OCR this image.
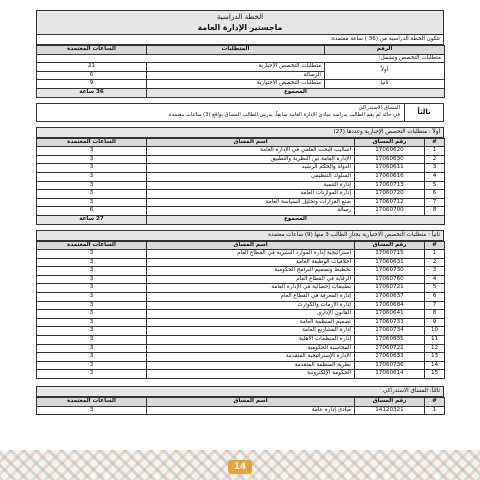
الخطة الدراسية
ماجستير الإدارة العامة
تتكون الخطة الدراسية من (36 ) ساعة معتمدة:
الرقم	المتطلبات	الساعات المعتمدة
متطلبات التخصص وتشمل:		
أولاً	متطلبات التخصص الإجبارية	21
	الرسالة	6
ثانياً	متطلبات التخصص الاختيارية	9
المجموع		36 ساعة
ثالثاً
المساق الاستدراكي
في حالة لم يقم الطالب بدراسة مبادئ الإدارة العامة سابقاً، يدرس الطالب المساق بواقع (3) ساعات معتمدة.
أولاً : متطلبات التخصص الإجبارية وعددها (27)
#	رقم المساق	اسم المساق	الساعات المعتمدة
1	17060620	أساليب البحث العلمي في الإدارة العامة	3
2	17060630	الإدارة العامة بين النظرية والتطبيق	3
3	17060611	الدولة والحكم الرشيد	3
4	17060616	السلوك التنظيمي	3
5	17060713	إدارة التنمية	3
6	17060720	إدارة الموازنات العامة	3
7	17060712	صنع القرارات وتحليل السياسة العامة	3
8	17060700	رسالة	6
المجموع			27 ساعة
ثانياً : متطلبات التخصص الاختيارية يجتاز الطالب 3 منها (9) ساعات معتمدة
#	رقم المساق	اسم المساق	الساعات المعتمدة
1	17060715	استراتيجية إدارة الموارد البشرية في القطاع العام	3
2	17060631	أخلاقيات الوظيفة العامة	3
3	17060730	تخطيط وتصميم البرامج الحكومية	3
4	17060760	الرقابة في القطاع العام	3
5	17060721	تطبيقات إحصائية في الإدارة العامة	3
6	17060637	إدارة المعرفة في القطاع العام	3
7	17060684	إدارة الأزمات والكوارث	3
8	17060641	القانون الإداري	3
9	17060733	تصميم المنظمة العامة	3
10	17060734	إدارة المشاريع العامة	3
11	17060635	إدارة المنظمات الأهلية	3
12	17060722	المحاسبة الحكومية	3
13	17060633	الإدارة الإستراتيجية المتقدمة	3
14	17060736	نظرية المنظمة المتقدمة	3
15	17060614	الحكومة الإلكترونية	3
ثالثاً: المساق الاستدراكي
#	رقم المساق	اسم المساق	الساعات المعتمدة
1	14120321	مبادئ إدارة عامة	3
14
